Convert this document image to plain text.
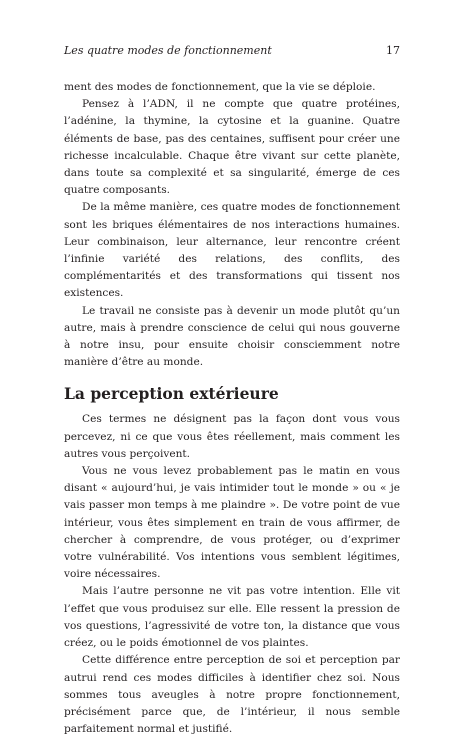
Les quatre modes de fonctionnement	17

ment des modes de fonctionnement, que la vie se déploie.

Pensez à l’ADN, il ne compte que quatre protéines, l’adénine, la thymine, la cytosine et la guanine. Quatre éléments de base, pas des centaines, suffisent pour créer une richesse incalculable. Chaque être vivant sur cette planète, dans toute sa complexité et sa singularité, émerge de ces quatre composants.

De la même manière, ces quatre modes de fonctionnement sont les briques élémentaires de nos interactions humaines. Leur combinaison, leur alternance, leur rencontre créent l’infinie variété des relations, des conflits, des complémentarités et des transformations qui tissent nos existences.

Le travail ne consiste pas à devenir un mode plutôt qu’un autre, mais à prendre conscience de celui qui nous gouverne à notre insu, pour ensuite choisir consciemment notre manière d’être au monde.

La perception extérieure

Ces termes ne désignent pas la façon dont vous vous percevez, ni ce que vous êtes réellement, mais comment les autres vous perçoivent.

Vous ne vous levez probablement pas le matin en vous disant « aujourd’hui, je vais intimider tout le monde » ou « je vais passer mon temps à me plaindre ». De votre point de vue intérieur, vous êtes simplement en train de vous affirmer, de chercher à comprendre, de vous protéger, ou d’exprimer votre vulnérabilité. Vos intentions vous semblent légitimes, voire nécessaires.

Mais l’autre personne ne vit pas votre intention. Elle vit l’effet que vous produisez sur elle. Elle ressent la pression de vos questions, l’agressivité de votre ton, la distance que vous créez, ou le poids émotionnel de vos plaintes.

Cette différence entre perception de soi et perception par autrui rend ces modes difficiles à identifier chez soi. Nous sommes tous aveugles à notre propre fonctionnement, précisément parce que, de l’intérieur, il nous semble parfaitement normal et justifié.
